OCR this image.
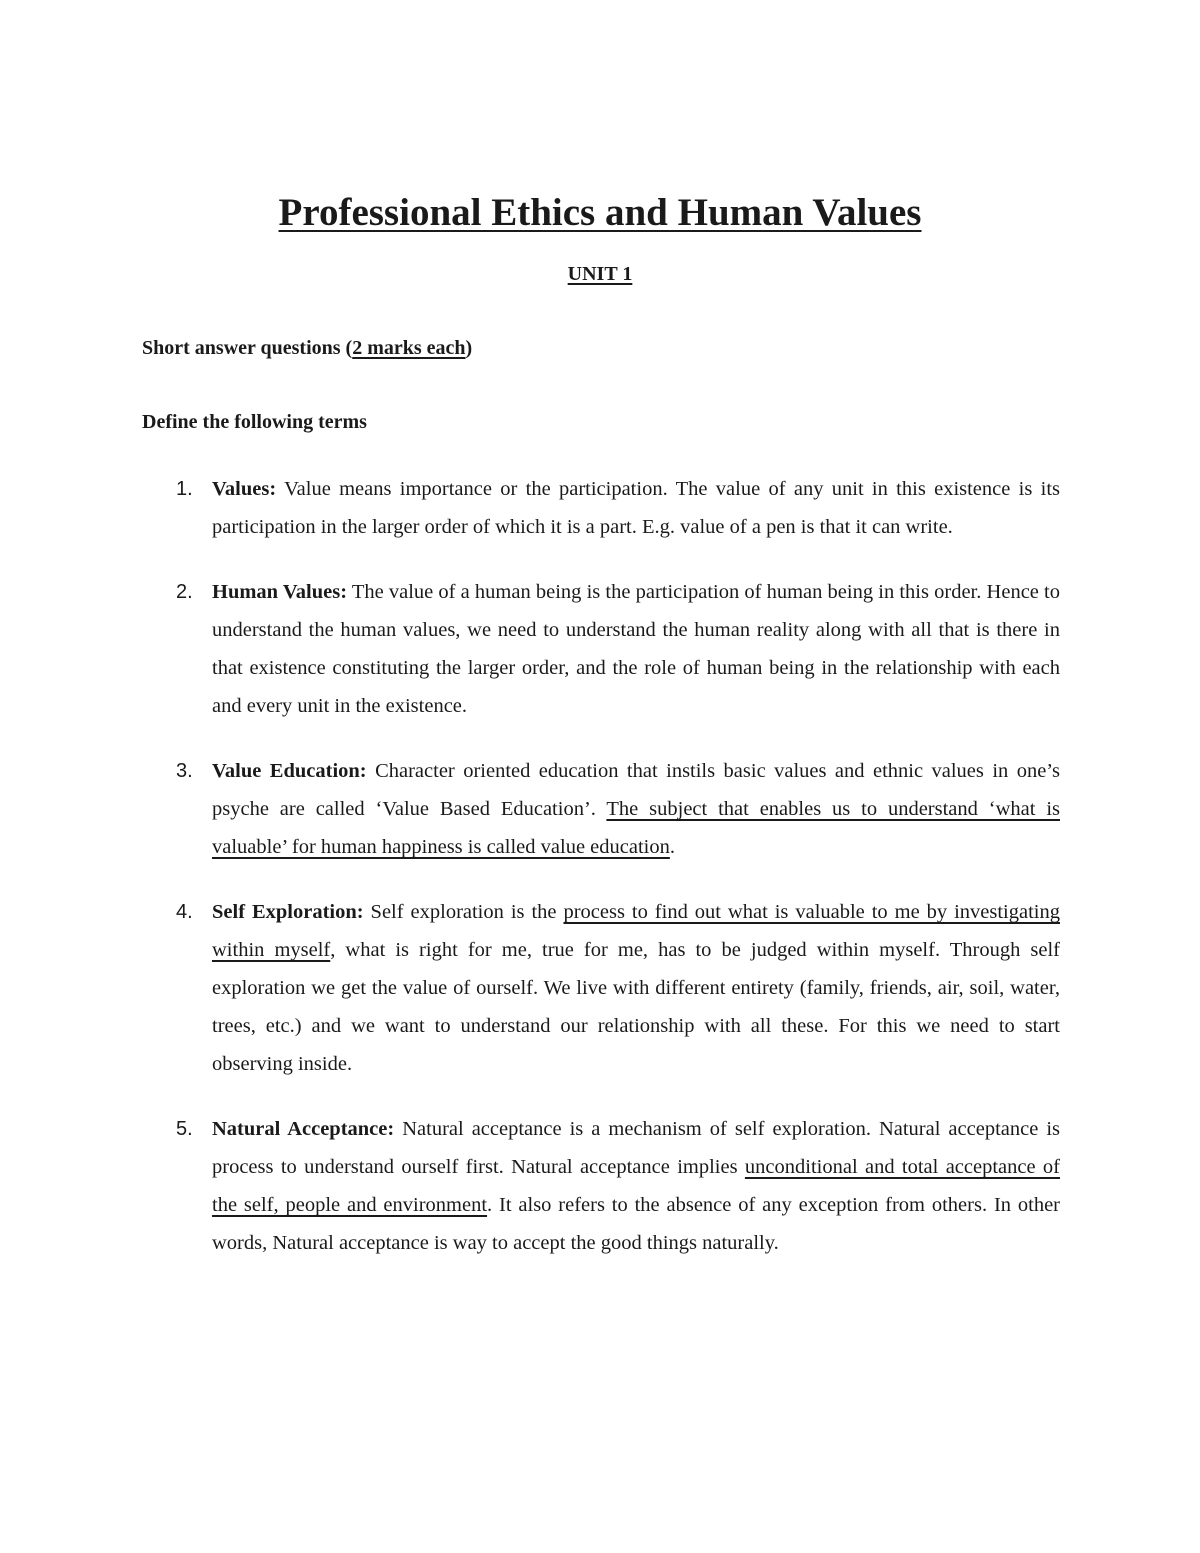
Professional Ethics and Human Values

UNIT 1

Short answer questions (2 marks each)

Define the following terms

1. Values: Value means importance or the participation. The value of any unit in this existence is its participation in the larger order of which it is a part. E.g. value of a pen is that it can write.
2. Human Values: The value of a human being is the participation of human being in this order. Hence to understand the human values, we need to understand the human reality along with all that is there in that existence constituting the larger order, and the role of human being in the relationship with each and every unit in the existence.
3. Value Education: Character oriented education that instils basic values and ethnic values in one’s psyche are called ‘Value Based Education’. The subject that enables us to understand ‘what is valuable’ for human happiness is called value education.
4. Self Exploration: Self exploration is the process to find out what is valuable to me by investigating within myself, what is right for me, true for me, has to be judged within myself. Through self exploration we get the value of ourself. We live with different entirety (family, friends, air, soil, water, trees, etc.) and we want to understand our relationship with all these. For this we need to start observing inside.
5. Natural Acceptance: Natural acceptance is a mechanism of self exploration. Natural acceptance is process to understand ourself first. Natural acceptance implies unconditional and total acceptance of the self, people and environment. It also refers to the absence of any exception from others. In other words, Natural acceptance is way to accept the good things naturally.
